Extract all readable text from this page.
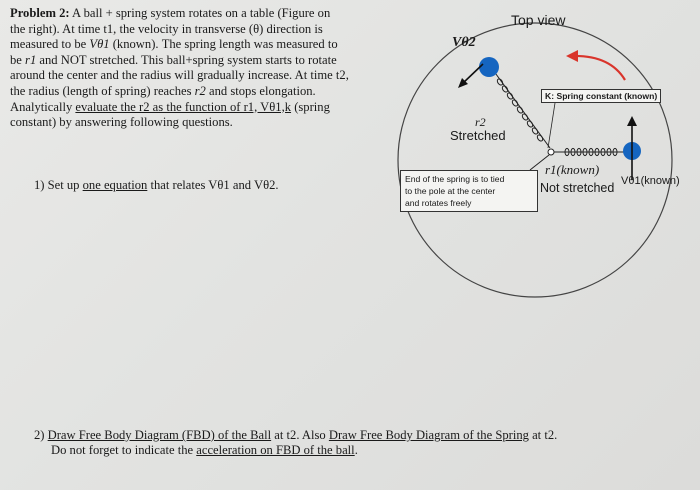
Problem 2: A ball + spring system rotates on a table (Figure on
the right). At time t1, the velocity in transverse (θ) direction is
measured to be Vθ1 (known). The spring length was measured to
be r1 and NOT stretched. This ball+spring system starts to rotate
around the center and the radius will gradually increase. At time t2,
the radius (length of spring) reaches r2 and stops elongation.
Analytically evaluate the r2 as the function of r1, Vθ1,k (spring
constant) by answering following questions.
1) Set up one equation that relates Vθ1 and Vθ2.
2) Draw Free Body Diagram (FBD) of the Ball at t2. Also Draw Free Body Diagram of the Spring at t2.
Do not forget to indicate the acceleration on FBD of the ball.
Top view
Vθ2
K: Spring constant (known)
r2
Stretched
End of the spring is to tied
to the pole at the center
and rotates freely
r1(known)
Not stretched Vθ1(known)
